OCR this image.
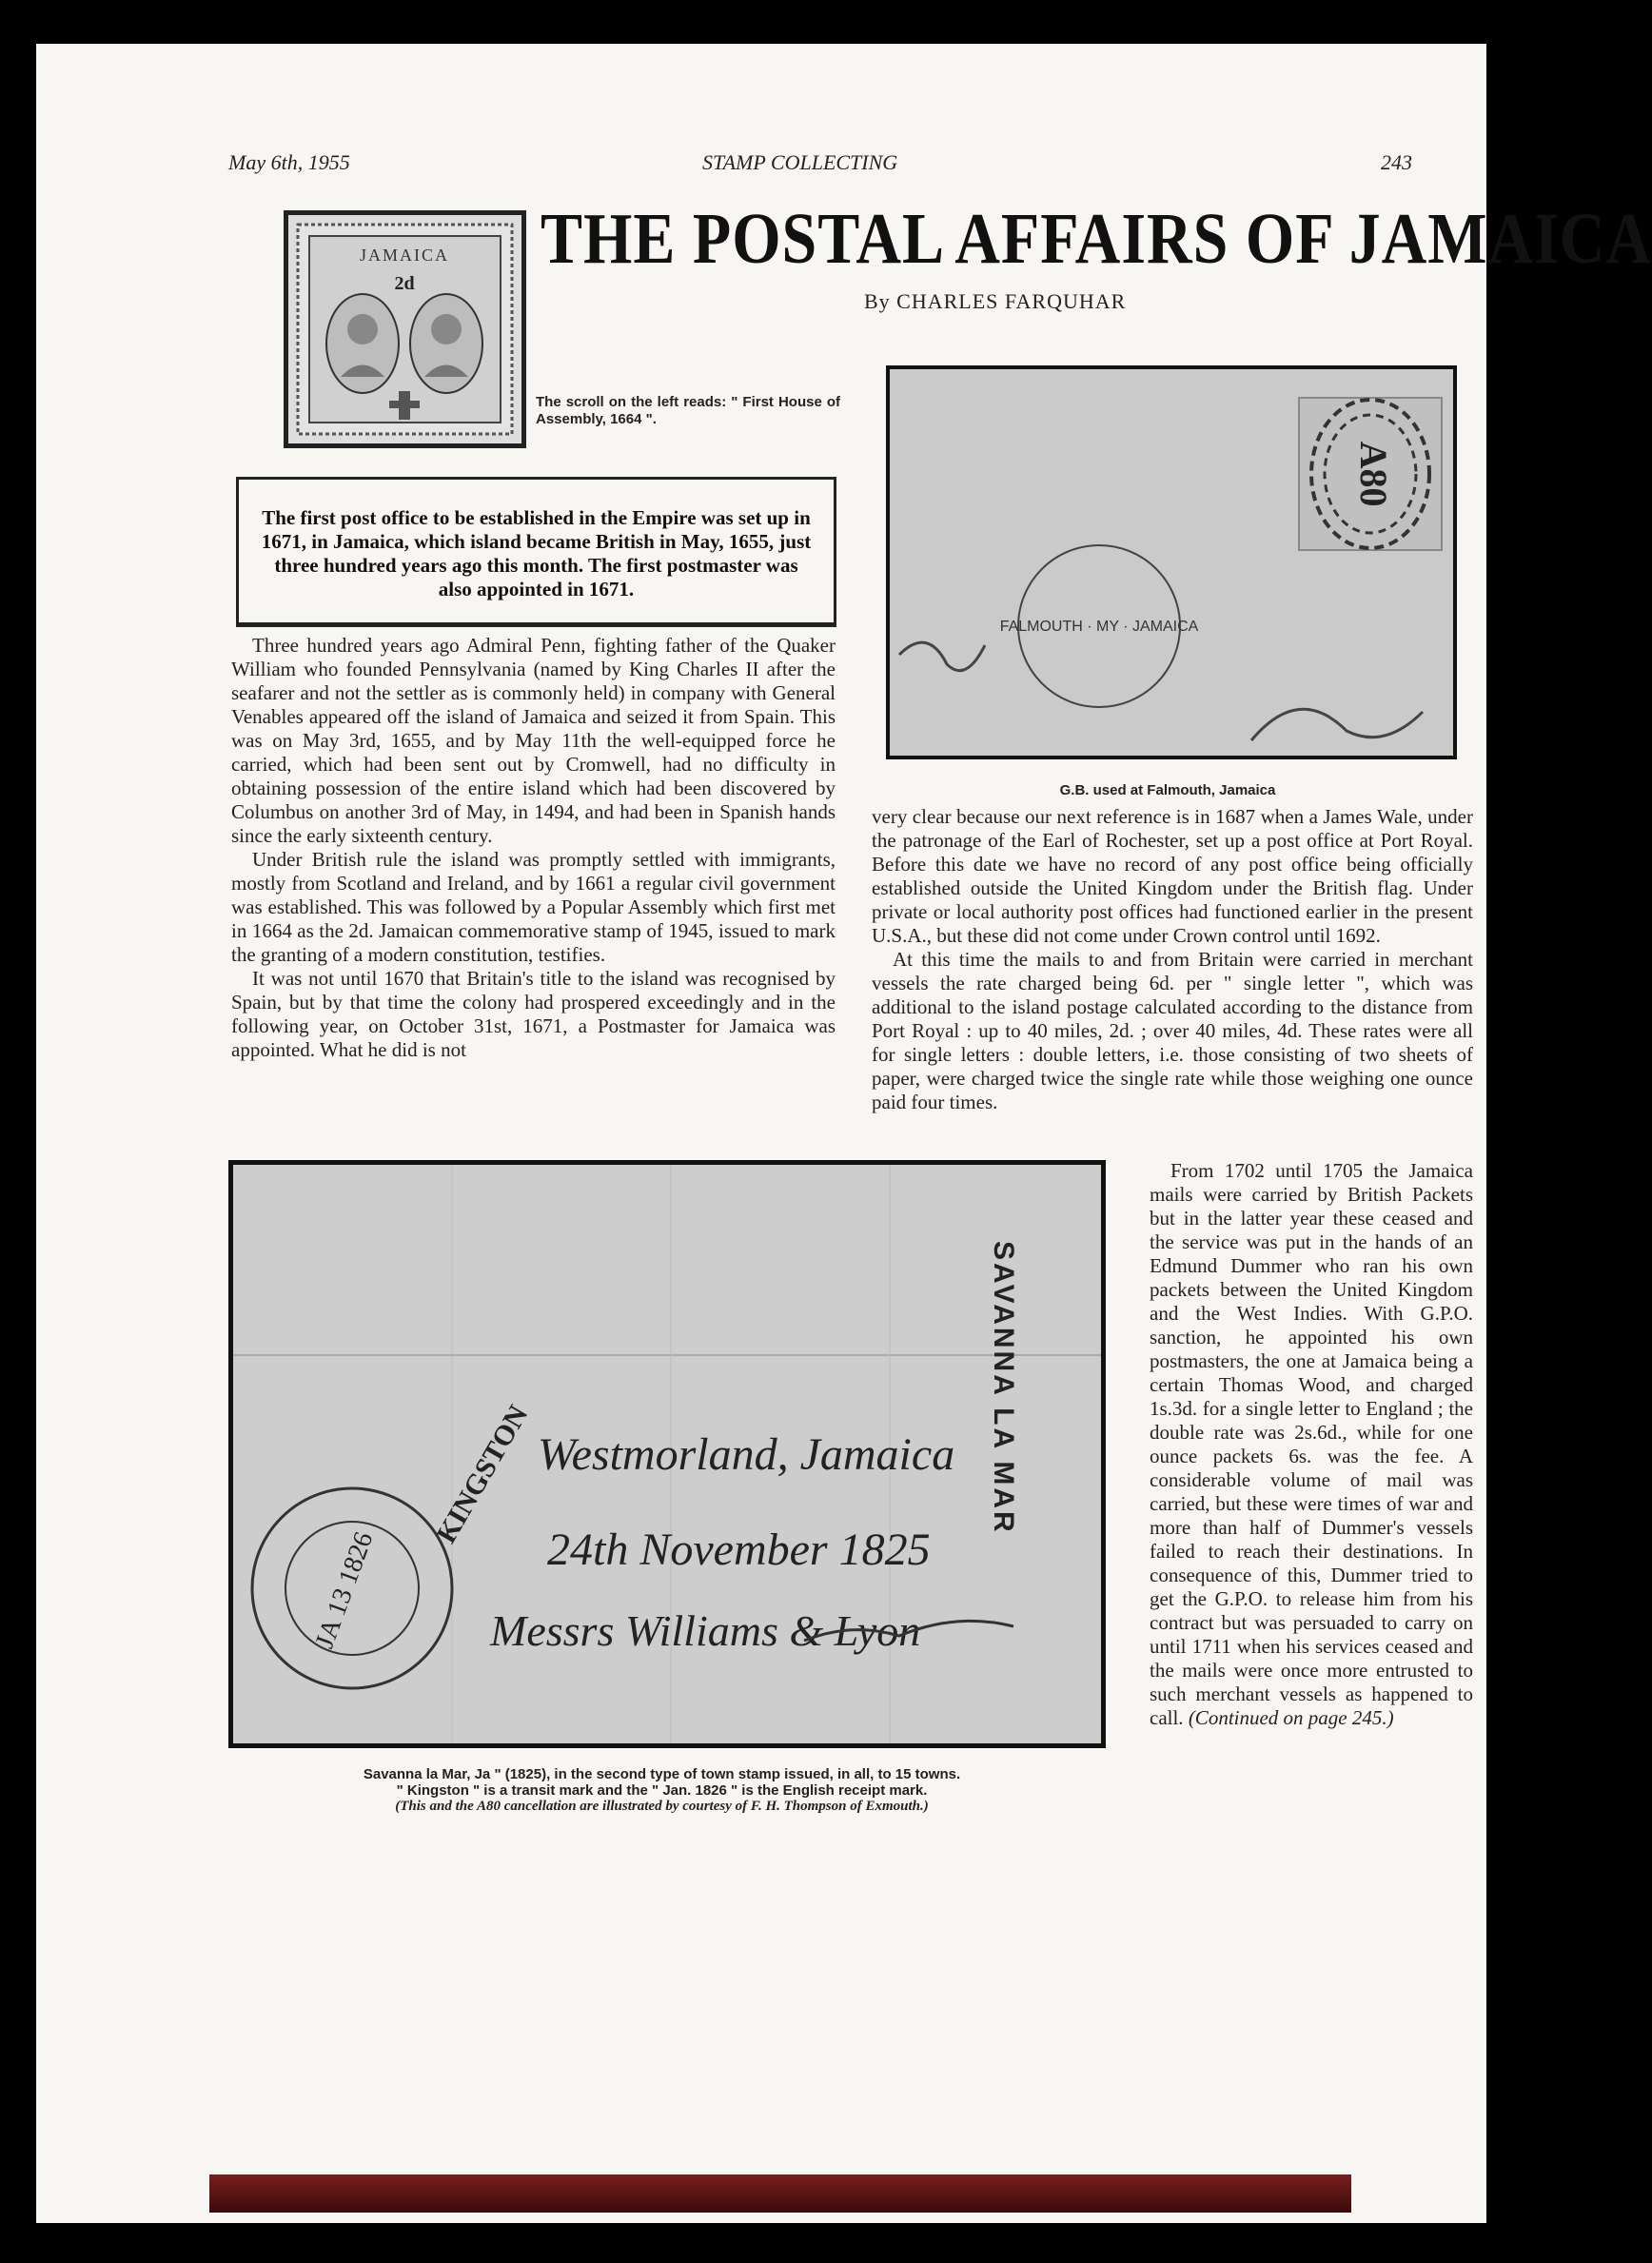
May 6th, 1955	STAMP COLLECTING	243
THE POSTAL AFFAIRS OF JAMAICA
By CHARLES FARQUHAR
JAMAICA
2d
The scroll on the left reads: " First House of Assembly, 1664 ".
The first post office to be established in the Empire was set up in 1671, in Jamaica, which island became British in May, 1655, just three hundred years ago this month. The first postmaster was also appointed in 1671.

Three hundred years ago Admiral Penn, fighting father of the Quaker William who founded Pennsylvania (named by King Charles II after the seafarer and not the settler as is commonly held) in company with General Venables appeared off the island of Jamaica and seized it from Spain. This was on May 3rd, 1655, and by May 11th the well-equipped force he carried, which had been sent out by Cromwell, had no difficulty in obtaining possession of the entire island which had been discovered by Columbus on another 3rd of May, in 1494, and had been in Spanish hands since the early sixteenth century.

Under British rule the island was promptly settled with immigrants, mostly from Scotland and Ireland, and by 1661 a regular civil government was established. This was followed by a Popular Assembly which first met in 1664 as the 2d. Jamaican commemorative stamp of 1945, issued to mark the granting of a modern constitution, testifies.

It was not until 1670 that Britain's title to the island was recognised by Spain, but by that time the colony had prospered exceedingly and in the following year, on October 31st, 1671, a Postmaster for Jamaica was appointed. What he did is not

A80
FALMOUTH · MY · JAMAICA
G.B. used at Falmouth, Jamaica

very clear because our next reference is in 1687 when a James Wale, under the patronage of the Earl of Rochester, set up a post office at Port Royal. Before this date we have no record of any post office being officially established outside the United Kingdom under the British flag. Under private or local authority post offices had functioned earlier in the present U.S.A., but these did not come under Crown control until 1692.

At this time the mails to and from Britain were carried in merchant vessels the rate charged being 6d. per " single letter ", which was additional to the island postage calculated according to the distance from Port Royal : up to 40 miles, 2d. ; over 40 miles, 4d. These rates were all for single letters : double letters, i.e. those consisting of two sheets of paper, were charged twice the single rate while those weighing one ounce paid four times.

From 1702 until 1705 the Jamaica mails were carried by British Packets but in the latter year these ceased and the service was put in the hands of an Edmund Dummer who ran his own packets between the United Kingdom and the West Indies. With G.P.O. sanction, he appointed his own postmasters, the one at Jamaica being a certain Thomas Wood, and charged 1s.3d. for a single letter to England ; the double rate was 2s.6d., while for one ounce packets 6s. was the fee. A considerable volume of mail was carried, but these were times of war and more than half of Dummer's vessels failed to reach their destinations. In consequence of this, Dummer tried to get the G.P.O. to release him from his contract but was persuaded to carry on until 1711 when his services ceased and the mails were once more entrusted to such merchant vessels as happened to call. (Continued on page 245.)

JA 13 1826
KINGSTON Westmorland, Jamaica
24th November 1825
Messrs Williams & Lyon
SAVANNA LA MAR
Savanna la Mar, Ja " (1825), in the second type of town stamp issued, in all, to 15 towns.
" Kingston " is a transit mark and the " Jan. 1826 " is the English receipt mark.
(This and the A80 cancellation are illustrated by courtesy of F. H. Thompson of Exmouth.)
